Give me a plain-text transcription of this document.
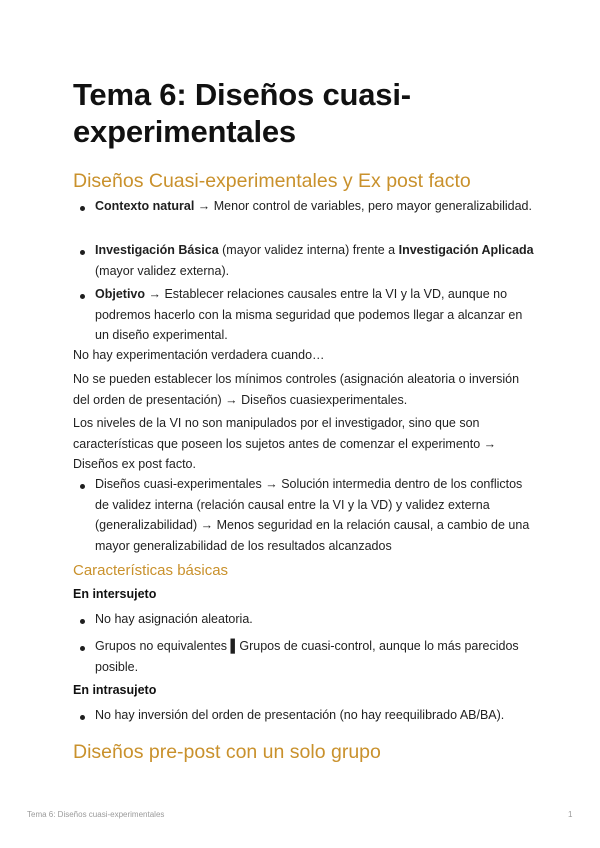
Tema 6: Diseños cuasi-experimentales
Diseños Cuasi-experimentales y Ex post facto

Contexto natural → Menor control de variables, pero mayor generalizabilidad.

Investigación Básica (mayor validez interna) frente a Investigación Aplicada (mayor validez externa).

Objetivo → Establecer relaciones causales entre la VI y la VD, aunque no podremos hacerlo con la misma seguridad que podemos llegar a alcanzar en un diseño experimental.

No hay experimentación verdadera cuando…

No se pueden establecer los mínimos controles (asignación aleatoria o inversión del orden de presentación) → Diseños cuasiexperimentales.

Los niveles de la VI no son manipulados por el investigador, sino que son características que poseen los sujetos antes de comenzar el experimento → Diseños ex post facto.

Diseños cuasi-experimentales → Solución intermedia dentro de los conflictos de validez interna (relación causal entre la VI y la VD) y validez externa (generalizabilidad) → Menos seguridad en la relación causal, a cambio de una mayor generalizabilidad de los resultados alcanzados

Características básicas
En intersujeto

No hay asignación aleatoria.

Grupos no equivalentes ▌Grupos de cuasi-control, aunque lo más parecidos posible.

En intrasujeto

No hay inversión del orden de presentación (no hay reequilibrado AB/BA).

Diseños pre-post con un solo grupo
Tema 6: Diseños cuasi-experimentales	1
